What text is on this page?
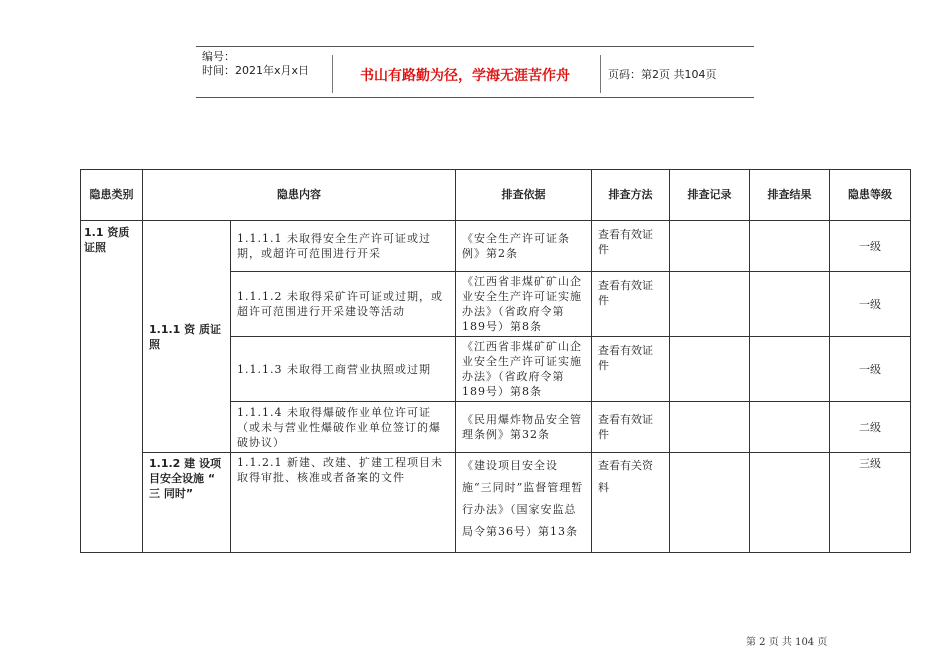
编号：
时间：2021年x月x日	书山有路勤为径，学海无涯苦作舟	页码：第2页 共104页
隐患类别	隐患内容		排查依据	排查方法	排查记录	排查结果	隐患等级
1.1 资质证照	1.1.1 资 质证照	1.1.1.1 未取得安全生产许可证或过期，或超许可范围进行开采	《安全生产许可证条例》第2条	查看有效证件			一级
		1.1.1.2 未取得采矿许可证或过期，或超许可范围进行开采建设等活动	《江西省非煤矿矿山企业安全生产许可证实施办法》（省政府令第189号）第8条	查看有效证件			一级
		1.1.1.3 未取得工商营业执照或过期	《江西省非煤矿矿山企业安全生产许可证实施办法》（省政府令第189号）第8条	查看有效证件			一级
		1.1.1.4 未取得爆破作业单位许可证（或未与营业性爆破作业单位签订的爆破协议）	《民用爆炸物品安全管理条例》第32条	查看有效证件			二级
	1.1.2 建 设项目安全设施 “ 三 同时”	1.1.2.1 新建、改建、扩建工程项目未取得审批、核准或者备案的文件	《建设项目安全设施“三同时”监督管理暂行办法》（国家安监总局令第36号）第13条	查看有关资料			三级
第 2 页 共 104 页
